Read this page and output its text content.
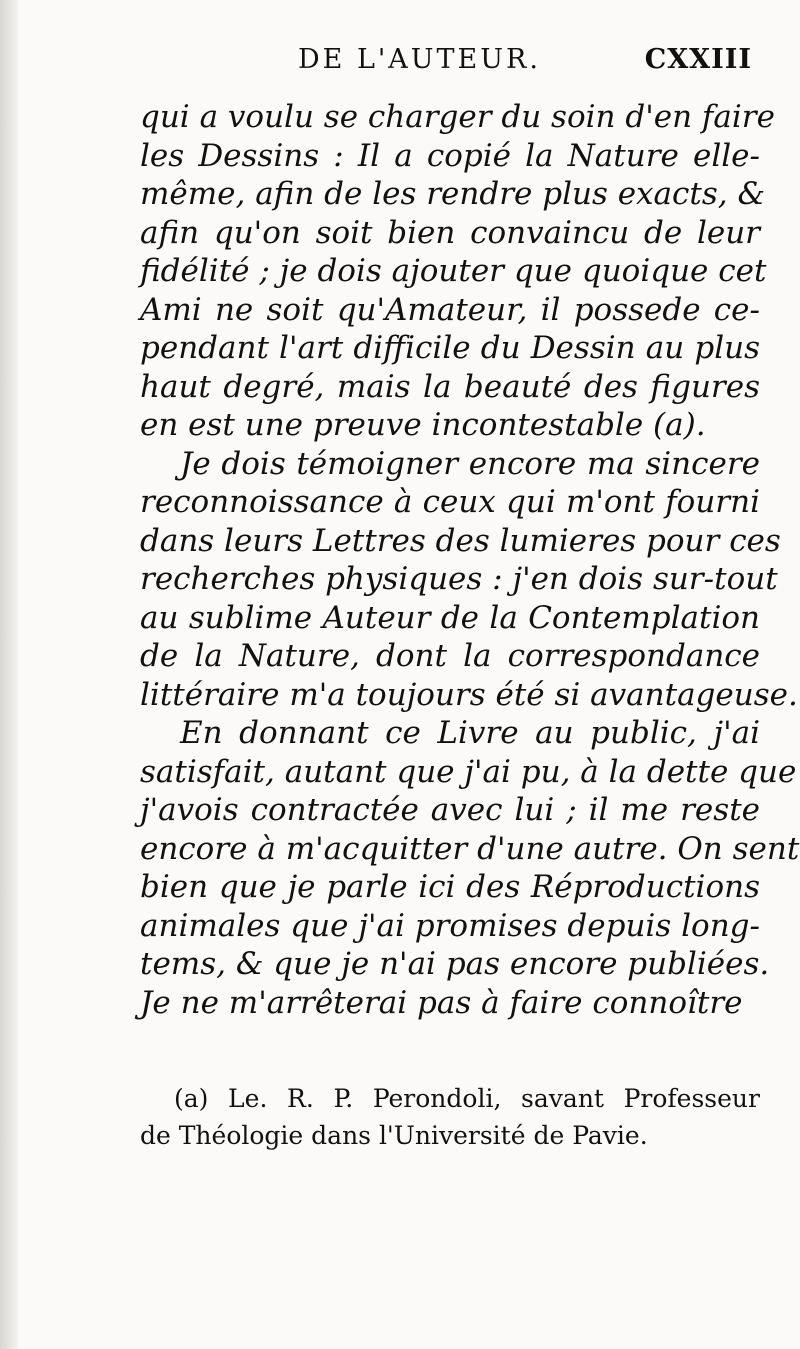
DE L'AUTEUR.	CXXIII
qui a voulu se charger du soin d'en faire
les Dessins : Il a copié la Nature elle-
même, afin de les rendre plus exacts, &
afin qu'on soit bien convaincu de leur
fidélité ; je dois ajouter que quoique cet
Ami ne soit qu'Amateur, il possede ce-
pendant l'art difficile du Dessin au plus
haut degré, mais la beauté des figures
en est une preuve incontestable (a).
Je dois témoigner encore ma sincere
reconnoissance à ceux qui m'ont fourni
dans leurs Lettres des lumieres pour ces
recherches physiques : j'en dois sur-tout
au sublime Auteur de la Contemplation
de la Nature, dont la correspondance
littéraire m'a toujours été si avantageuse.
En donnant ce Livre au public, j'ai
satisfait, autant que j'ai pu, à la dette que
j'avois contractée avec lui ; il me reste
encore à m'acquitter d'une autre. On sent
bien que je parle ici des Réproductions
animales que j'ai promises depuis long-
tems, & que je n'ai pas encore publiées.
Je ne m'arrêterai pas à faire connoître
(a) Le. R. P. Perondoli, savant Professeur
de Théologie dans l'Université de Pavie.
